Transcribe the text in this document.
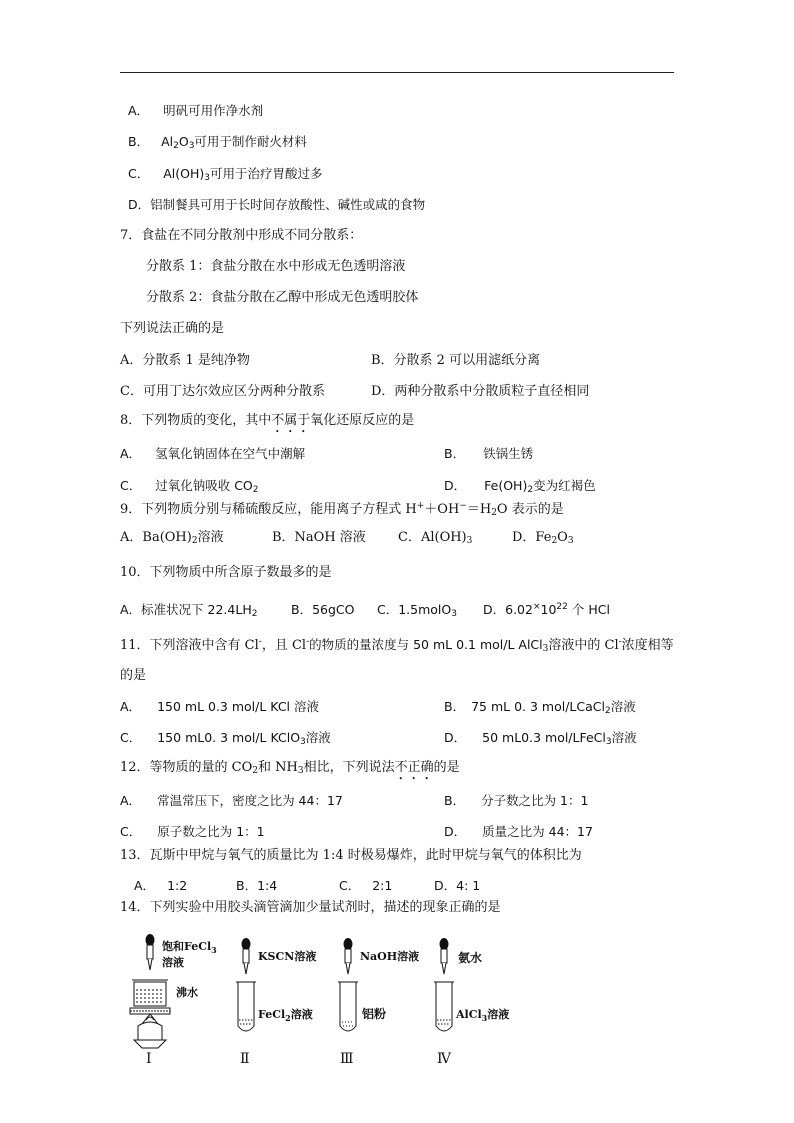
A． 明矾可用作净水剂
B． $Al_2O_3$可用于制作耐火材料
C． $Al(OH)_3$可用于治疗胃酸过多
D．铝制餐具可用于长时间存放酸性、碱性或咸的食物
7．食盐在不同分散剂中形成不同分散系：
分散系 1：食盐分散在水中形成无色透明溶液
分散系 2：食盐分散在乙醇中形成无色透明胶体
下列说法正确的是
A．分散系 1 是纯净物	B．分散系 2 可以用滤纸分离
C．可用丁达尔效应区分两种分散系	D．两种分散系中分散质粒子直径相同
8．下列物质的变化，其中不属于氧化还原反应的是
A． 氢氧化钠固体在空气中潮解	B． 铁锅生锈
C． 过氧化钠吸收 $CO_2$	D． $Fe(OH)_2$变为红褐色
9．下列物质分别与稀硫酸反应，能用离子方程式 $H^++OH^-=H_2O$ 表示的是
A．$Ba(OH)_2$溶液	B．NaOH 溶液 C．$Al(OH)_3$	D．$Fe_2O_3$
10．下列物质中所含原子数最多的是
A．标准状况下 $22.4LH_2$	B．56gCO C．1.5molO$_3$ D．$6.02^\times 10^{22}$ 个 HCl
11．下列溶液中含有 Cl-，且 Cl-的物质的量浓度与 50 mL 0.1 mol/L AlCl$_3$溶液中的 Cl-浓度相等
的是
A． 150 mL 0.3 mol/L KCl 溶液	B． 75 mL 0. 3 mol/LCaCl$_2$溶液
C． 150 mL0. 3 mol/L KClO$_3$溶液	D． 50 mL0.3 mol/LFeCl$_3$溶液
12．等物质的量的 $CO_2$和 $NH_3$相比，下列说法不正确的是
A． 常温常压下，密度之比为 44：17	B． 分子数之比为 1：1
C． 原子数之比为 1：1	D． 质量之比为 44：17
13．瓦斯中甲烷与氧气的质量比为 1:4 时极易爆炸，此时甲烷与氧气的体积比为
A． 1:2	B．1:4	C． 2:1	D．4: 1
14．下列实验中用胶头滴管滴加少量试剂时，描述的现象正确的是
饱和FeCl$_3$
溶液
沸水
Ⅰ
KSCN溶液
FeCl$_2$溶液
Ⅱ
NaOH溶液
铝粉
Ⅲ
氨水
AlCl$_3$溶液
Ⅳ
